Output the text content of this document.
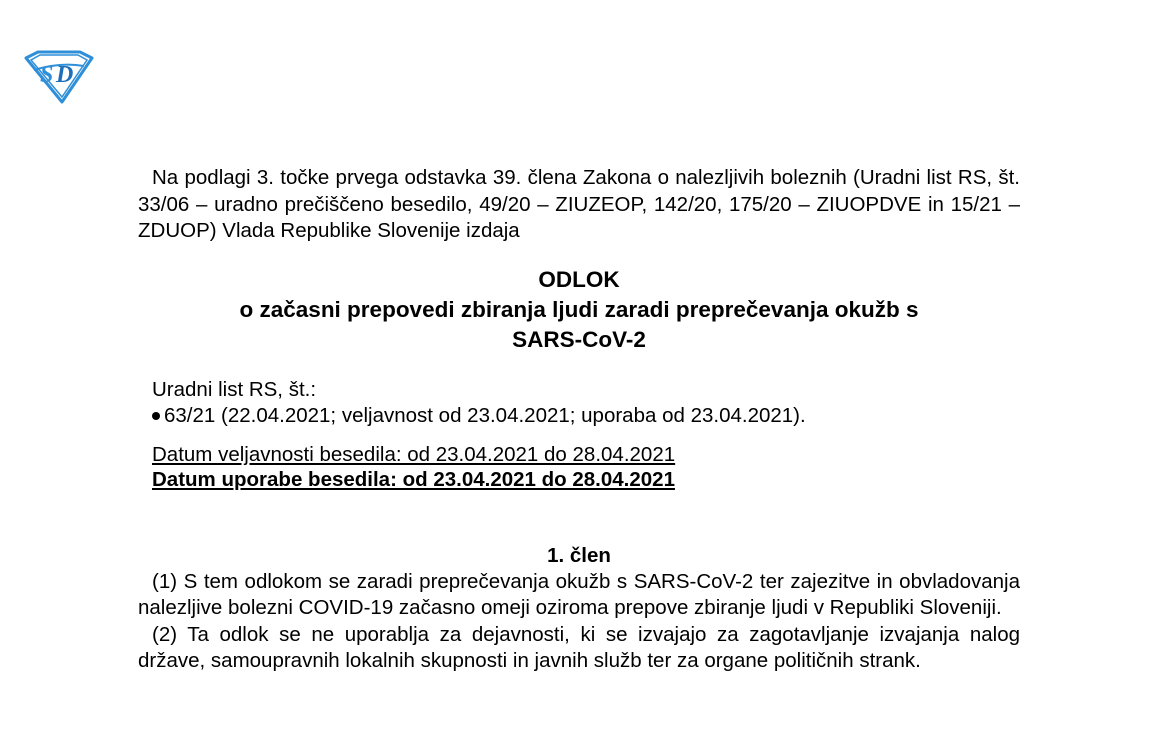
S D

Na podlagi 3. točke prvega odstavka 39. člena Zakona o nalezljivih boleznih (Uradni list RS, št. 33/06 – uradno prečiščeno besedilo, 49/20 – ZIUZEOP, 142/20, 175/20 – ZIUOPDVE in 15/21 – ZDUOP) Vlada Republike Slovenije izdaja

ODLOK
o začasni prepovedi zbiranja ljudi zaradi preprečevanja okužb s
SARS-CoV-2
Uradni list RS, št.:
63/21 (22.04.2021; veljavnost od 23.04.2021; uporaba od 23.04.2021).
Datum veljavnosti besedila: od 23.04.2021 do 28.04.2021
Datum uporabe besedila: od 23.04.2021 do 28.04.2021
1. člen

(1) S tem odlokom se zaradi preprečevanja okužb s SARS-CoV-2 ter zajezitve in obvladovanja nalezljive bolezni COVID-19 začasno omeji oziroma prepove zbiranje ljudi v Republiki Sloveniji.

(2) Ta odlok se ne uporablja za dejavnosti, ki se izvajajo za zagotavljanje izvajanja nalog države, samoupravnih lokalnih skupnosti in javnih služb ter za organe političnih strank.
